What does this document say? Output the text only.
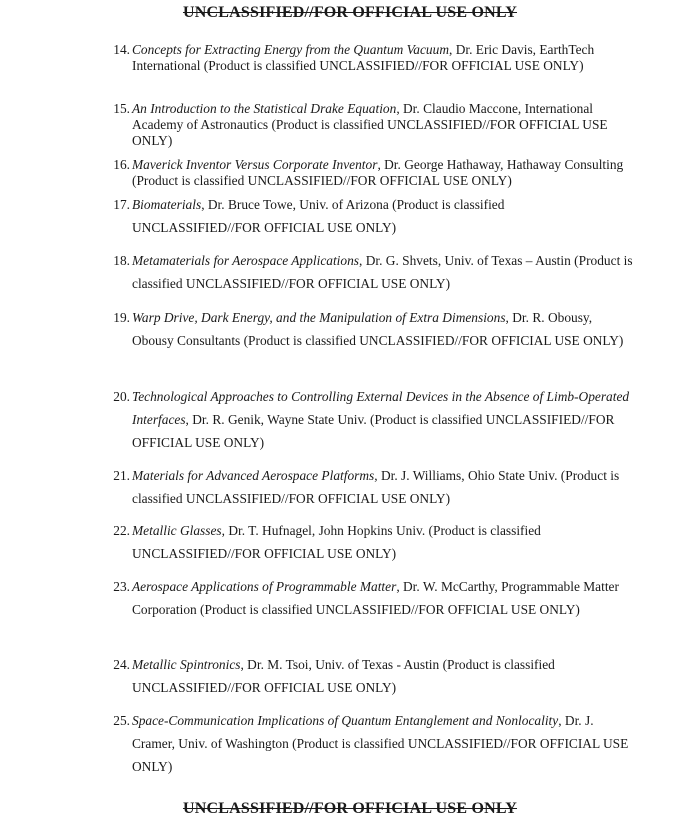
UNCLASSIFIED//FOR OFFICIAL USE ONLY
14. Concepts for Extracting Energy from the Quantum Vacuum, Dr. Eric Davis, EarthTech International (Product is classified UNCLASSIFIED//FOR OFFICIAL USE ONLY)
15. An Introduction to the Statistical Drake Equation, Dr. Claudio Maccone, International Academy of Astronautics (Product is classified UNCLASSIFIED//FOR OFFICIAL USE ONLY)
16. Maverick Inventor Versus Corporate Inventor, Dr. George Hathaway, Hathaway Consulting (Product is classified UNCLASSIFIED//FOR OFFICIAL USE ONLY)
17. Biomaterials, Dr. Bruce Towe, Univ. of Arizona (Product is classified UNCLASSIFIED//FOR OFFICIAL USE ONLY)
18. Metamaterials for Aerospace Applications, Dr. G. Shvets, Univ. of Texas – Austin (Product is classified UNCLASSIFIED//FOR OFFICIAL USE ONLY)
19. Warp Drive, Dark Energy, and the Manipulation of Extra Dimensions, Dr. R. Obousy, Obousy Consultants (Product is classified UNCLASSIFIED//FOR OFFICIAL USE ONLY)
20. Technological Approaches to Controlling External Devices in the Absence of Limb-Operated Interfaces, Dr. R. Genik, Wayne State Univ. (Product is classified UNCLASSIFIED//FOR OFFICIAL USE ONLY)
21. Materials for Advanced Aerospace Platforms, Dr. J. Williams, Ohio State Univ. (Product is classified UNCLASSIFIED//FOR OFFICIAL USE ONLY)
22. Metallic Glasses, Dr. T. Hufnagel, John Hopkins Univ. (Product is classified UNCLASSIFIED//FOR OFFICIAL USE ONLY)
23. Aerospace Applications of Programmable Matter, Dr. W. McCarthy, Programmable Matter Corporation (Product is classified UNCLASSIFIED//FOR OFFICIAL USE ONLY)
24. Metallic Spintronics, Dr. M. Tsoi, Univ. of Texas - Austin (Product is classified UNCLASSIFIED//FOR OFFICIAL USE ONLY)
25. Space-Communication Implications of Quantum Entanglement and Nonlocality, Dr. J. Cramer, Univ. of Washington (Product is classified UNCLASSIFIED//FOR OFFICIAL USE ONLY)
UNCLASSIFIED//FOR OFFICIAL USE ONLY
